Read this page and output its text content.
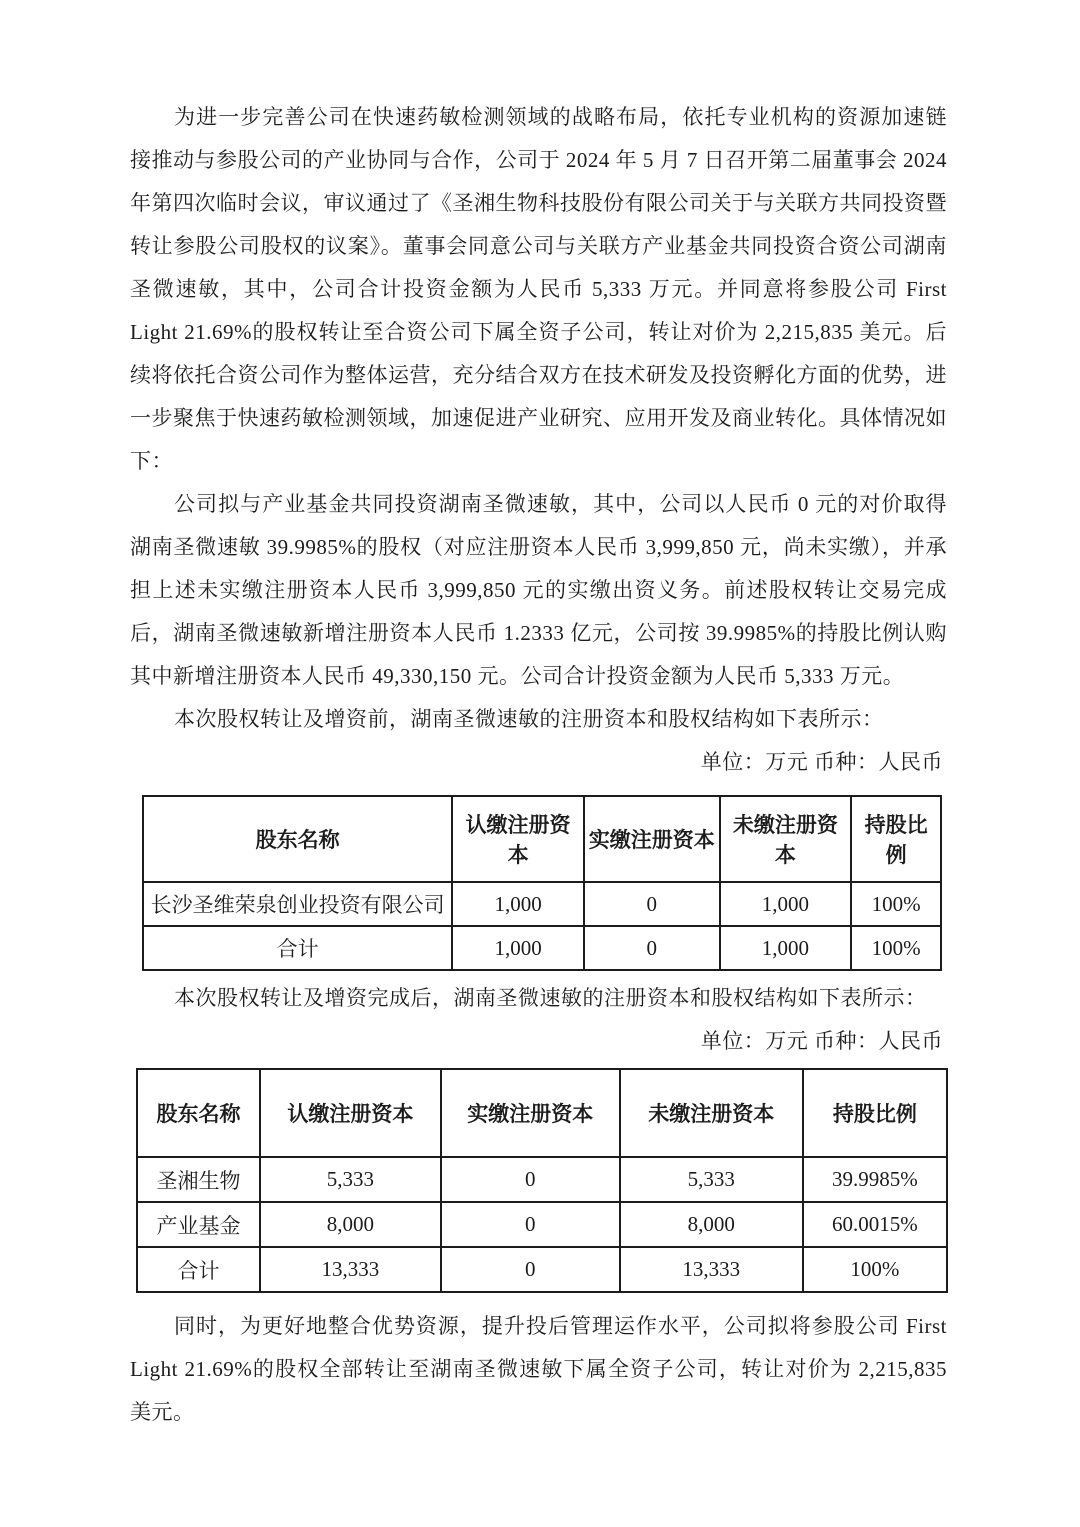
为进一步完善公司在快速药敏检测领域的战略布局，依托专业机构的资源加速链接推动与参股公司的产业协同与合作，公司于 2024 年 5 月 7 日召开第二届董事会 2024 年第四次临时会议，审议通过了《圣湘生物科技股份有限公司关于与关联方共同投资暨转让参股公司股权的议案》。董事会同意公司与关联方产业基金共同投资合资公司湖南圣微速敏，其中，公司合计投资金额为人民币 5,333 万元。并同意将参股公司 First Light 21.69%的股权转让至合资公司下属全资子公司，转让对价为 2,215,835 美元。后续将依托合资公司作为整体运营，充分结合双方在技术研发及投资孵化方面的优势，进一步聚焦于快速药敏检测领域，加速促进产业研究、应用开发及商业转化。具体情况如下：

公司拟与产业基金共同投资湖南圣微速敏，其中，公司以人民币 0 元的对价取得湖南圣微速敏 39.9985%的股权（对应注册资本人民币 3,999,850 元，尚未实缴），并承担上述未实缴注册资本人民币 3,999,850 元的实缴出资义务。前述股权转让交易完成后，湖南圣微速敏新增注册资本人民币 1.2333 亿元，公司按 39.9985%的持股比例认购其中新增注册资本人民币 49,330,150 元。公司合计投资金额为人民币 5,333 万元。

本次股权转让及增资前，湖南圣微速敏的注册资本和股权结构如下表所示：

单位：万元 币种：人民币

股东名称	认缴注册资本	实缴注册资本	未缴注册资本	持股比例
长沙圣维荣泉创业投资有限公司	1,000	0	1,000	100%
合计	1,000	0	1,000	100%

本次股权转让及增资完成后，湖南圣微速敏的注册资本和股权结构如下表所示：

单位：万元 币种：人民币

股东名称	认缴注册资本	实缴注册资本	未缴注册资本	持股比例
圣湘生物	5,333	0	5,333	39.9985%
产业基金	8,000	0	8,000	60.0015%
合计	13,333	0	13,333	100%

同时，为更好地整合优势资源，提升投后管理运作水平，公司拟将参股公司 First Light 21.69%的股权全部转让至湖南圣微速敏下属全资子公司，转让对价为 2,215,835 美元。
